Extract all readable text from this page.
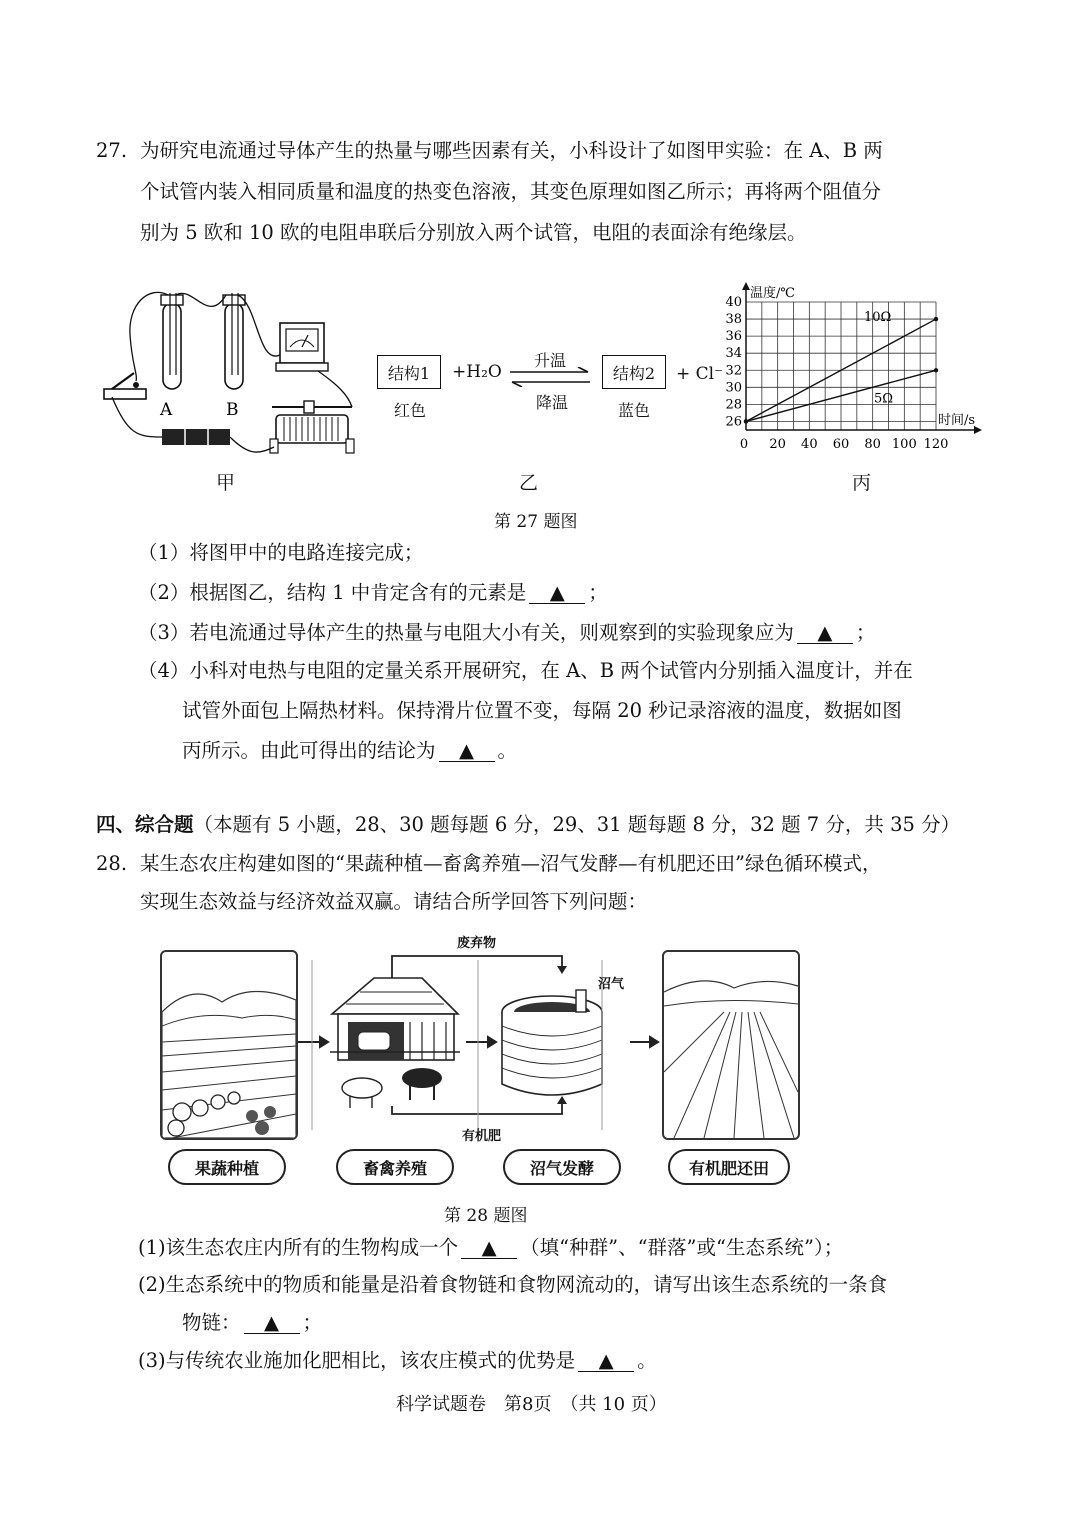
27. 为研究电流通过导体产生的热量与哪些因素有关，小科设计了如图甲实验：在 A、B 两
个试管内装入相同质量和温度的热变色溶液，其变色原理如图乙所示；再将两个阻值分
别为 5 欧和 10 欧的电阻串联后分别放入两个试管，电阻的表面涂有绝缘层。
A	B
甲
结构1
红色
+H₂O
升温
降温
结构2
蓝色
+ Cl⁻
乙
0 20 40 60 80 100 120
26
28
30
32
34
36
38
40
温度/℃
时间/s
10Ω
5Ω
丙
第 27 题图
（1）将图甲中的电路连接完成；
（2）根据图乙，结构 1 中肯定含有的元素是 ▲ ；
（3）若电流通过导体产生的热量与电阻大小有关，则观察到的实验现象应为 ▲ ；
（4）小科对电热与电阻的定量关系开展研究，在 A、B 两个试管内分别插入温度计，并在
试管外面包上隔热材料。保持滑片位置不变，每隔 20 秒记录溶液的温度，数据如图
丙所示。由此可得出的结论为 ▲ 。
四、综合题（本题有 5 小题，28、30 题每题 6 分，29、31 题每题 8 分，32 题 7 分，共 35 分）
28. 某生态农庄构建如图的“果蔬种植—畜禽养殖—沼气发酵—有机肥还田”绿色循环模式，
实现生态效益与经济效益双赢。请结合所学回答下列问题：
废弃物
沼气
有机肥
果蔬种植	畜禽养殖	沼气发酵	有机肥还田
第 28 题图
(1)该生态农庄内所有的生物构成一个 ▲ （填“种群”、“群落”或“生态系统”）；
(2)生态系统中的物质和能量是沿着食物链和食物网流动的，请写出该生态系统的一条食
物链： ▲ ；
(3)与传统农业施加化肥相比，该农庄模式的优势是 ▲ 。
科学试题卷　第8页　（共 10 页）
